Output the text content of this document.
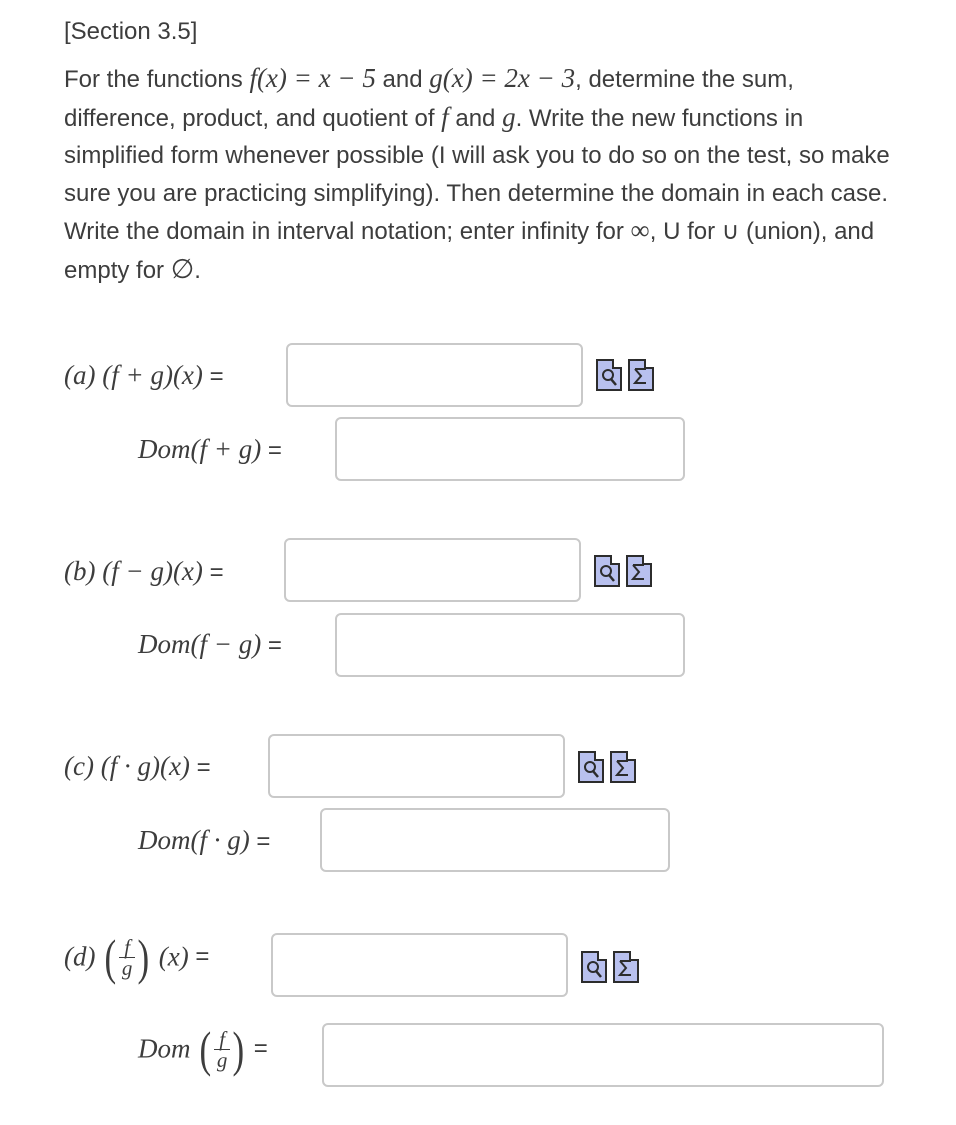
[Section 3.5]
For the functions f(x) = x − 5 and g(x) = 2x − 3, determine the sum, difference, product, and quotient of f and g. Write the new functions in simplified form whenever possible (I will ask you to do so on the test, so make sure you are practicing simplifying). Then determine the domain in each case. Write the domain in interval notation; enter infinity for ∞, U for ∪ (union), and empty for ∅.
(a) (f + g)(x) =
Dom(f + g) =
(b) (f − g)(x) =
Dom(f − g) =
(c) (f · g)(x) =
Dom(f · g) =
(d) ( $\frac{f}{g}$ ) (x) =
Dom ( $\frac{f}{g}$ ) =
